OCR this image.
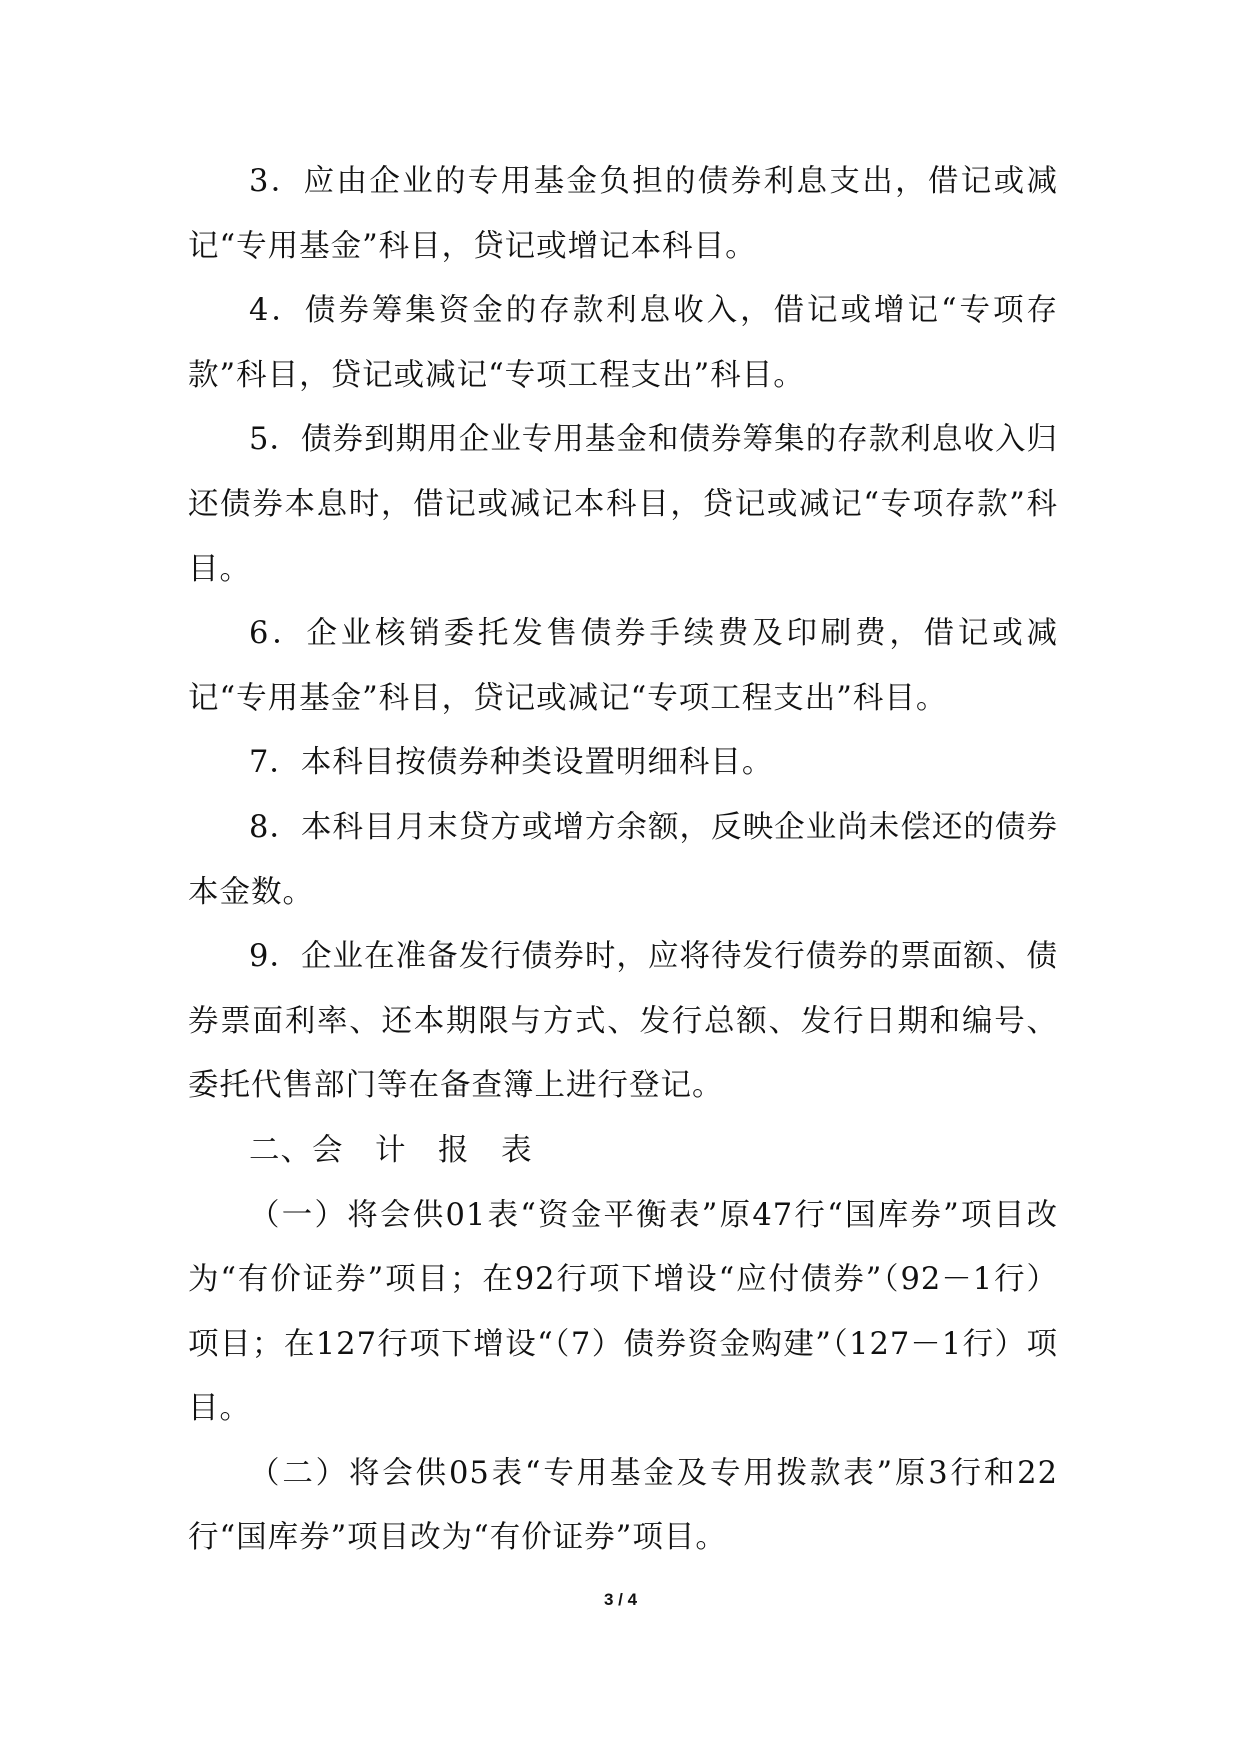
3．应由企业的专用基金负担的债券利息支出，借记或减记“专用基金”科目，贷记或增记本科目。

4．债券筹集资金的存款利息收入，借记或增记“专项存款”科目，贷记或减记“专项工程支出”科目。

5．债券到期用企业专用基金和债券筹集的存款利息收入归还债券本息时，借记或减记本科目，贷记或减记“专项存款”科目。

6．企业核销委托发售债券手续费及印刷费，借记或减记“专用基金”科目，贷记或减记“专项工程支出”科目。

7．本科目按债券种类设置明细科目。

8．本科目月末贷方或增方余额，反映企业尚未偿还的债券本金数。

9．企业在准备发行债券时，应将待发行债券的票面额、债券票面利率、还本期限与方式、发行总额、发行日期和编号、委托代售部门等在备查簿上进行登记。

二、会　计　报　表

（一）将会供01表“资金平衡表”原47行“国库券”项目改为“有价证券”项目；在92行项下增设“应付债券”（92－1行）项目；在127行项下增设“（7）债券资金购建”（127－1行）项目。

（二）将会供05表“专用基金及专用拨款表”原3行和22行“国库券”项目改为“有价证券”项目。

3 / 4
